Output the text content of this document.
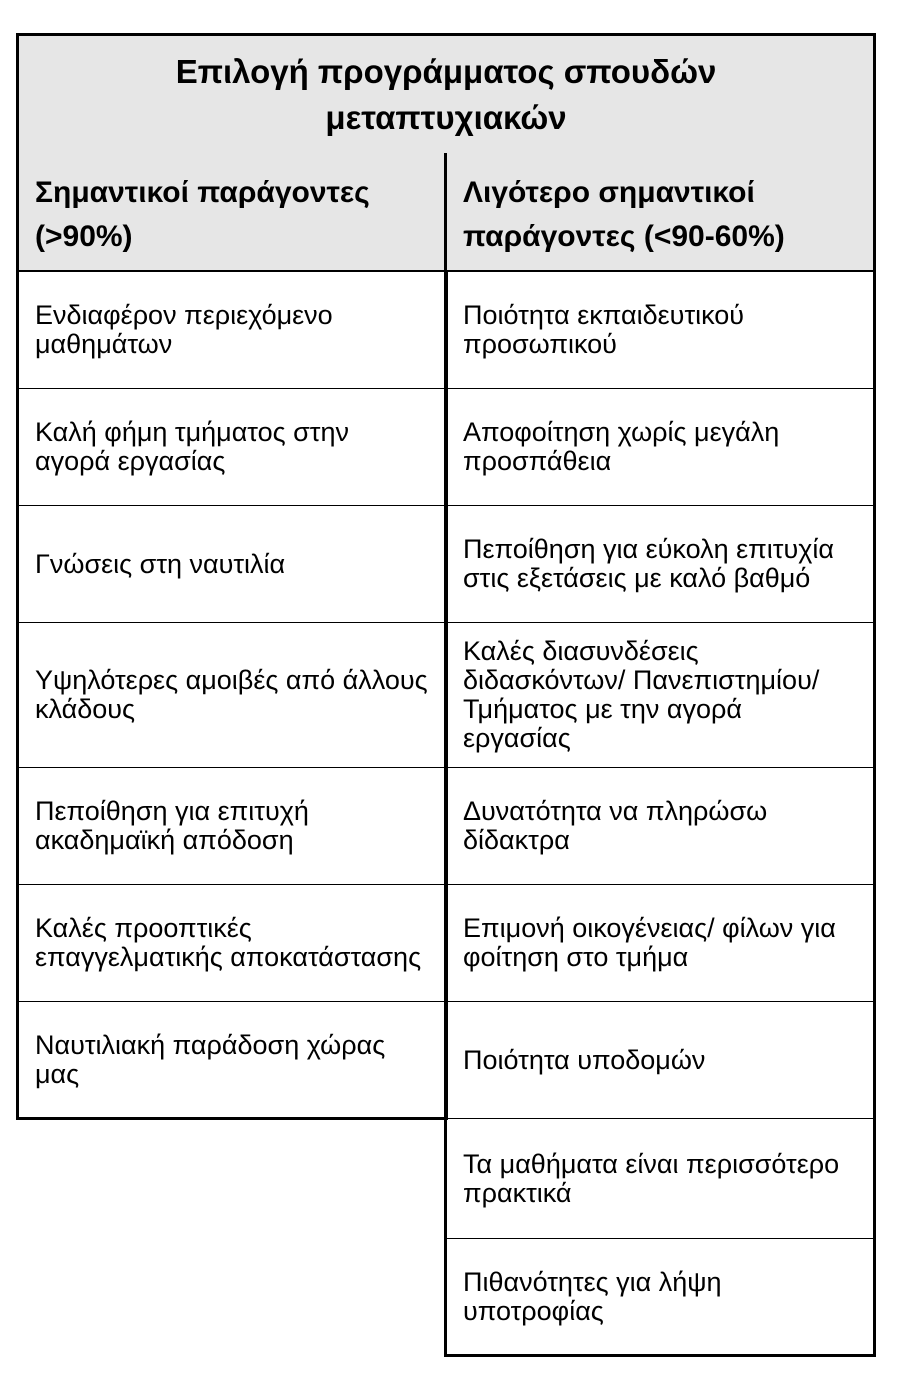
Επιλογή προγράμματος σπουδών μεταπτυχιακών
Σημαντικοί παράγοντες (>90%)
Ενδιαφέρον περιεχόμενο μαθημάτων
Καλή φήμη τμήματος στην αγορά εργασίας
Γνώσεις στη ναυτιλία
Υψηλότερες αμοιβές από άλλους κλάδους
Πεποίθηση για επιτυχή ακαδημαϊκή απόδοση
Καλές προοπτικές επαγγελματικής αποκατάστασης
Ναυτιλιακή παράδοση χώρας μας
Λιγότερο σημαντικοί παράγοντες (<90-60%)
Ποιότητα εκπαιδευτικού προσωπικού
Αποφοίτηση χωρίς μεγάλη προσπάθεια
Πεποίθηση για εύκολη επιτυχία στις εξετάσεις με καλό βαθμό
Καλές διασυνδέσεις διδασκόντων/ Πανεπιστημίου/ Τμήματος με την αγορά εργασίας
Δυνατότητα να πληρώσω δίδακτρα
Επιμονή οικογένειας/ φίλων για φοίτηση στο τμήμα
Ποιότητα υποδομών
Τα μαθήματα είναι περισσότερο πρακτικά
Πιθανότητες για λήψη υποτροφίας
